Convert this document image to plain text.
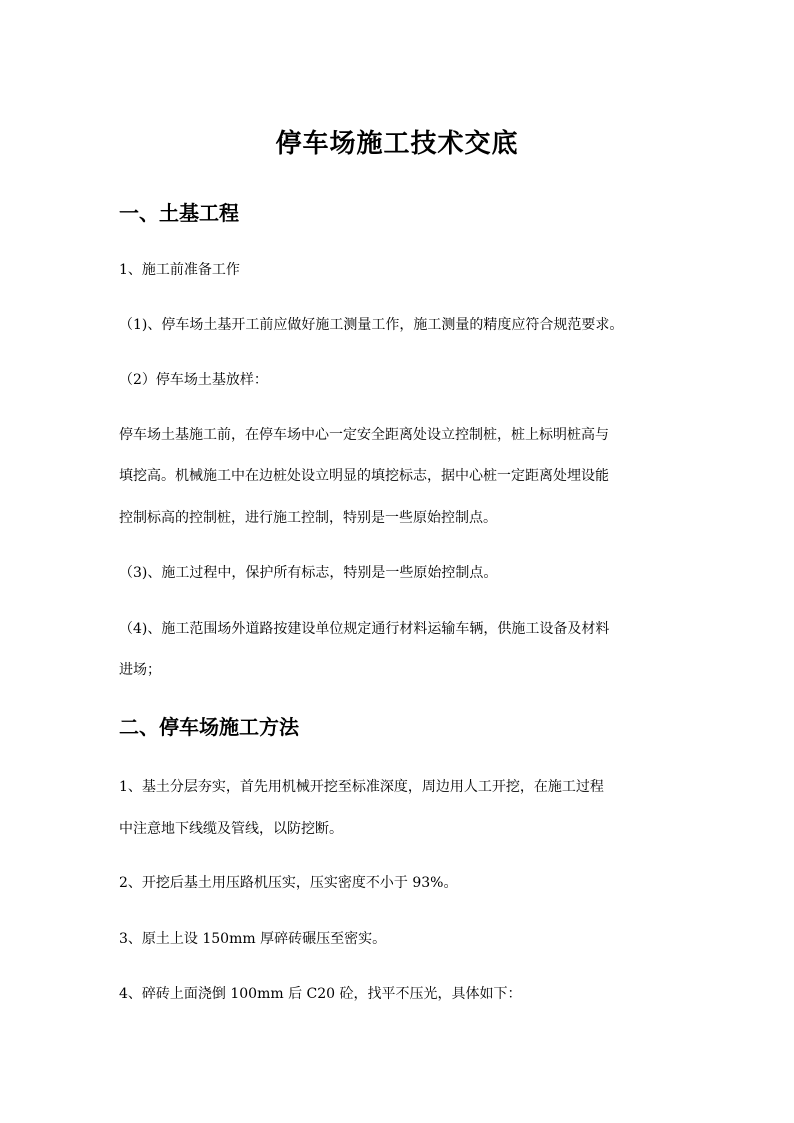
停车场施工技术交底
一、土基工程
1、施工前准备工作
（1)、停车场土基开工前应做好施工测量工作，施工测量的精度应符合规范要求。
（2）停车场土基放样：
停车场土基施工前，在停车场中心一定安全距离处设立控制桩，桩上标明桩高与
填挖高。机械施工中在边桩处设立明显的填挖标志，据中心桩一定距离处埋设能
控制标高的控制桩，进行施工控制，特别是一些原始控制点。
（3)、施工过程中，保护所有标志，特别是一些原始控制点。
（4)、施工范围场外道路按建设单位规定通行材料运输车辆，供施工设备及材料
进场；
二、停车场施工方法
1、基土分层夯实，首先用机械开挖至标准深度，周边用人工开挖，在施工过程
中注意地下线缆及管线，以防挖断。
2、开挖后基土用压路机压实，压实密度不小于 93%。
3、原土上设 150mm 厚碎砖碾压至密实。
4、碎砖上面浇倒 100mm 后 C20 砼，找平不压光，具体如下：
